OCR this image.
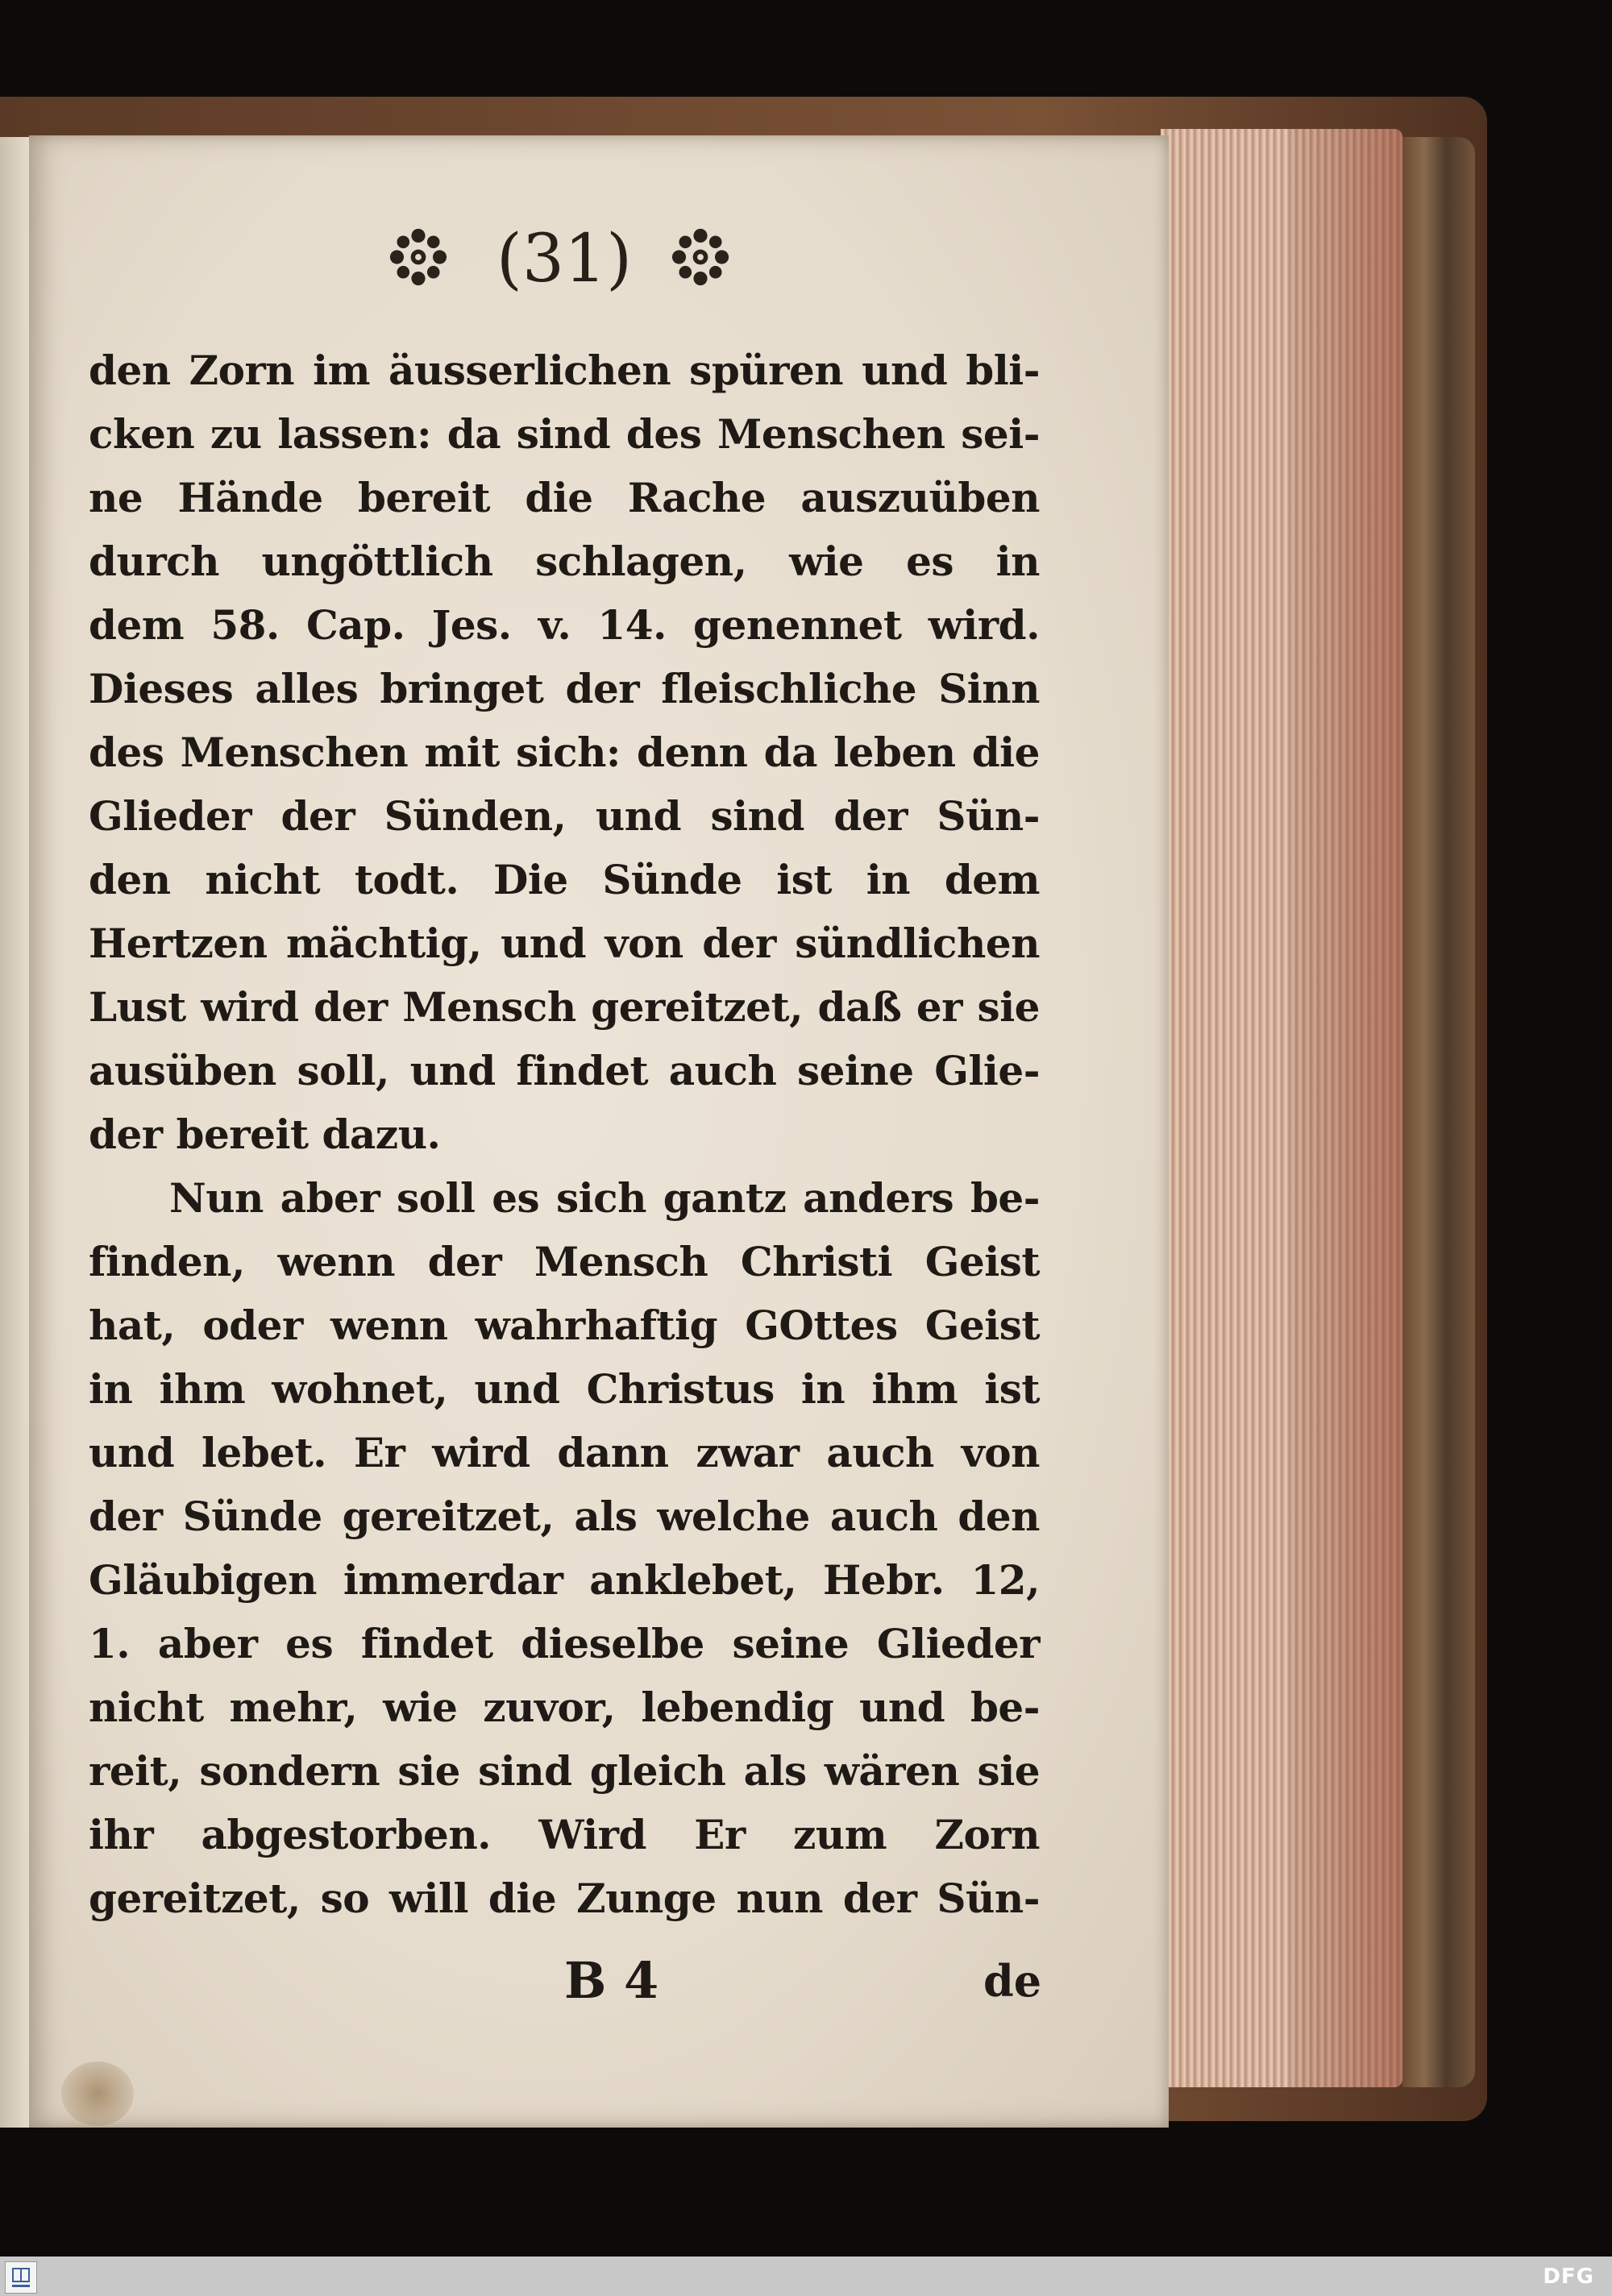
(31)
den Zorn im äusserlichen spüren und bli-
cken zu lassen: da sind des Menschen sei-
ne Hände bereit die Rache auszuüben
durch ungöttlich schlagen, wie es in
dem 58. Cap. Jes. v. 14. genennet wird.
Dieses alles bringet der fleischliche Sinn
des Menschen mit sich: denn da leben die
Glieder der Sünden, und sind der Sün-
den nicht todt. Die Sünde ist in dem
Hertzen mächtig, und von der sündlichen
Lust wird der Mensch gereitzet, daß er sie
ausüben soll, und findet auch seine Glie-
der bereit dazu.
Nun aber soll es sich gantz anders be-
finden, wenn der Mensch Christi Geist
hat, oder wenn wahrhaftig GOttes Geist
in ihm wohnet, und Christus in ihm ist
und lebet. Er wird dann zwar auch von
der Sünde gereitzet, als welche auch den
Gläubigen immerdar anklebet, Hebr. 12,
1. aber es findet dieselbe seine Glieder
nicht mehr, wie zuvor, lebendig und be-
reit, sondern sie sind gleich als wären sie
ihr abgestorben. Wird Er zum Zorn
gereitzet, so will die Zunge nun der Sün-
B 4	de
DFG
